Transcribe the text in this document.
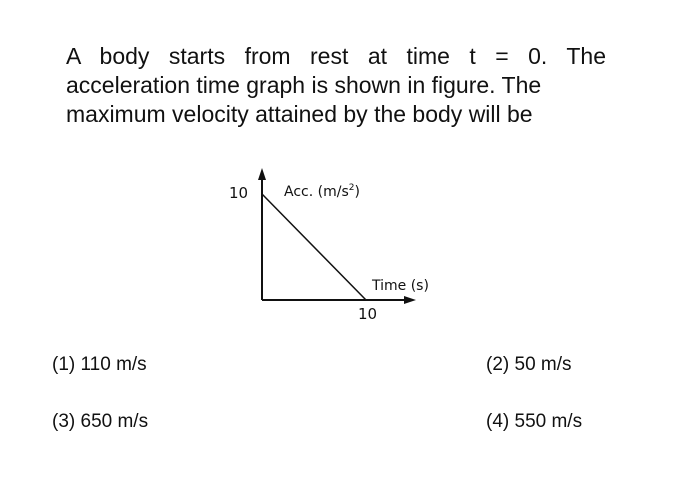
A body starts from rest at time t = 0. The
acceleration time graph is shown in figure. The
maximum velocity attained by the body will be
10
10
Acc. $(m/s^2)$
Time (s)
(1) 110 m/s	(2) 50 m/s
(3) 650 m/s	(4) 550 m/s
